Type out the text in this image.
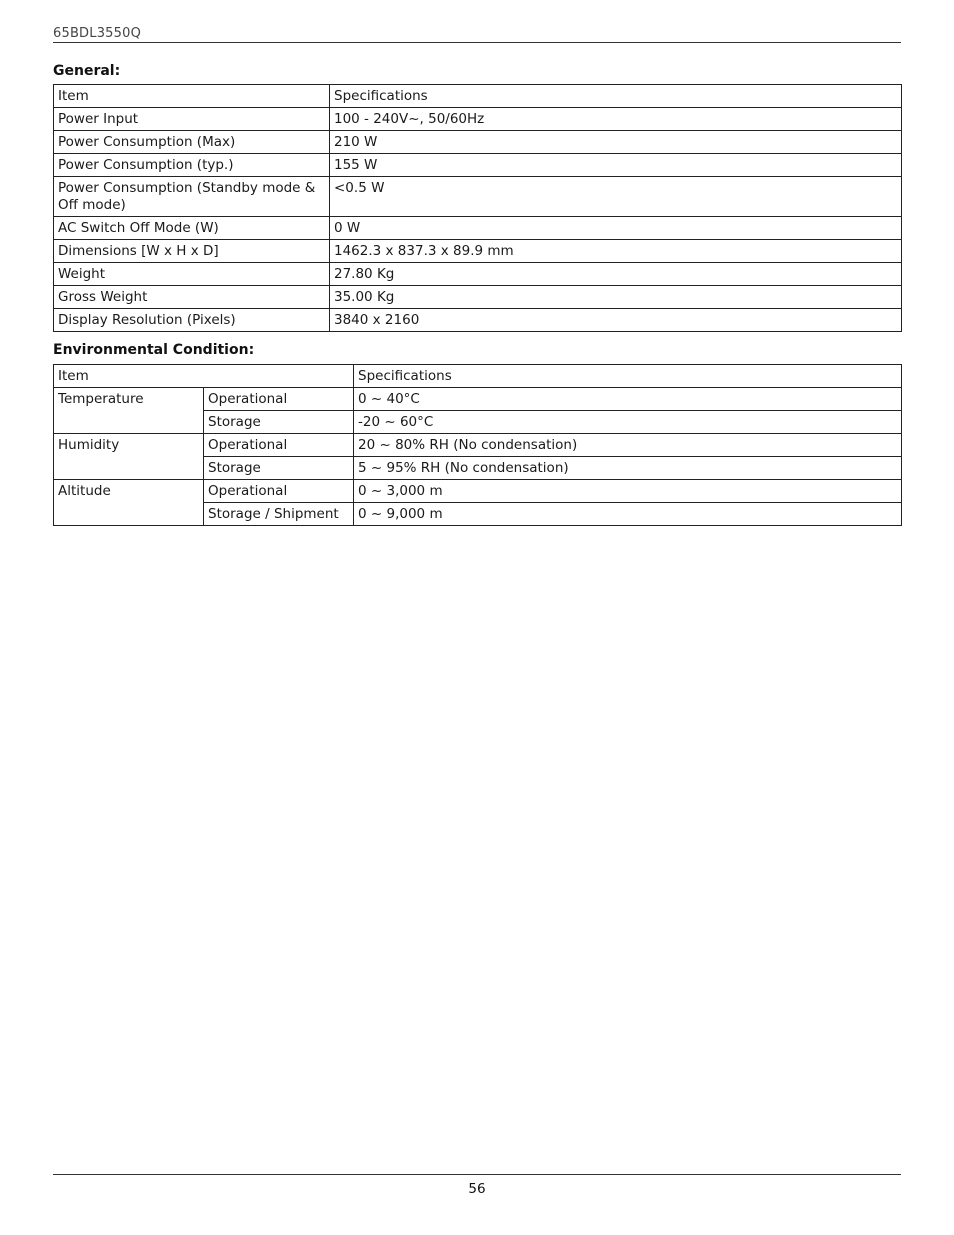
65BDL3550Q
General:
Item	Specifications
Power Input	100 - 240V~, 50/60Hz
Power Consumption (Max)	210 W
Power Consumption (typ.)	155 W
Power Consumption (Standby mode & Off mode)	<0.5 W
AC Switch Off Mode (W)	0 W
Dimensions [W x H x D]	1462.3 x 837.3 x 89.9 mm
Weight	27.80 Kg
Gross Weight	35.00 Kg
Display Resolution (Pixels)	3840 x 2160
Environmental Condition:
Item		Specifications
Temperature	Operational	0 ~ 40°C
	Storage	-20 ~ 60°C
Humidity	Operational	20 ~ 80% RH (No condensation)
	Storage	5 ~ 95% RH (No condensation)
Altitude	Operational	0 ~ 3,000 m
	Storage / Shipment	0 ~ 9,000 m
56
